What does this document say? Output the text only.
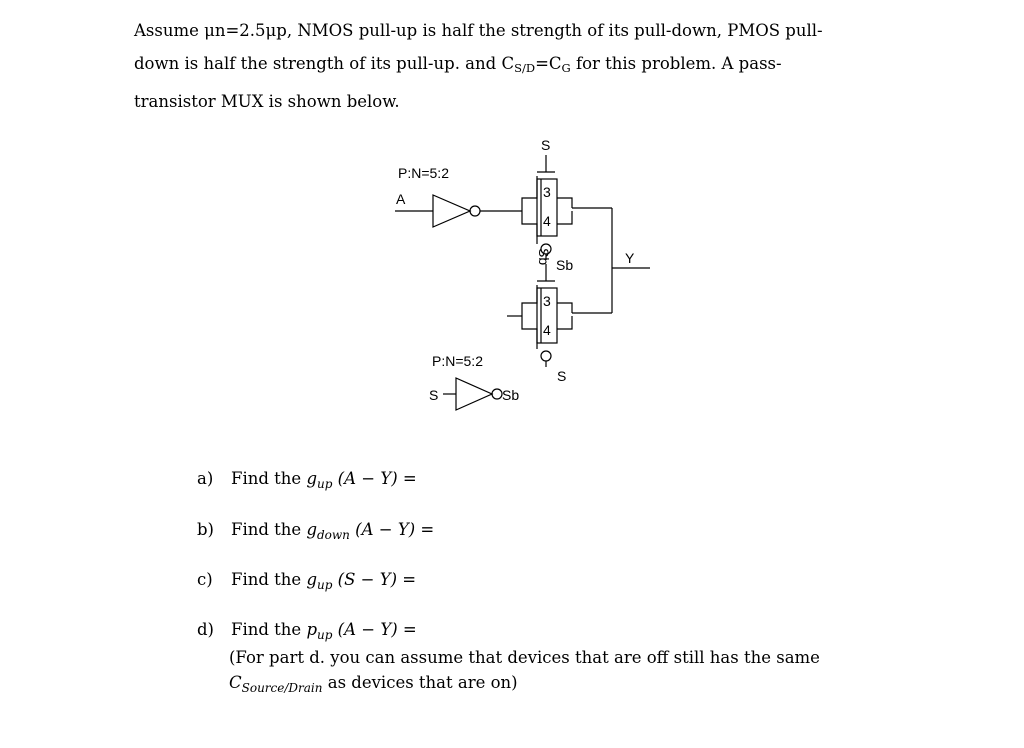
Assume μn=2.5μp, NMOS pull-up is half the strength of its pull-down, PMOS pull-
down is half the strength of its pull-up. and $C_{S/D}=C_G$ for this problem. A pass-
transistor MUX is shown below.
P:N=5:2
A
P:N=5:2
S	Sb
S
3
4
Sb
3
4
S
Y
Sb
a) Find the $g_{up}$ (A − Y) =
b) Find the $g_{down}$ (A − Y) =
c) Find the $g_{up}$ (S − Y) =
d) Find the $p_{up}$ (A − Y) =
(For part d. you can assume that devices that are off still has the same
$C_{Source/Drain}$ as devices that are on)
